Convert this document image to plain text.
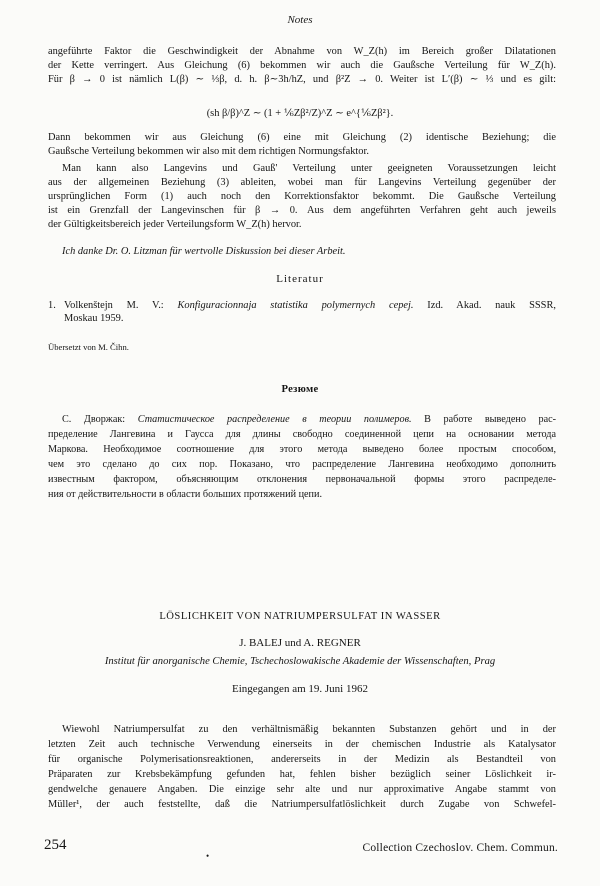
Notes
angeführte Faktor die Geschwindigkeit der Abnahme von W_Z(h) im Bereich großer Dilatationen
der Kette verringert. Aus Gleichung (6) bekommen wir auch die Gaußsche Verteilung für W_Z(h).
Für β → 0 ist nämlich L(β) ∼ ⅓β, d. h. β∼3h/hZ, und β²Z → 0. Weiter ist L′(β) ∼ ⅓ und es gilt:
(sh β/β)^Z ∼ (1 + ⅙Zβ²/Z)^Z ∼ e^{⅙Zβ²}.
Dann bekommen wir aus Gleichung (6) eine mit Gleichung (2) identische Beziehung; die
Gaußsche Verteilung bekommen wir also mit dem richtigen Normungsfaktor.
Man kann also Langevins und Gauß' Verteilung unter geeigneten Voraussetzungen leicht
aus der allgemeinen Beziehung (3) ableiten, wobei man für Langevins Verteilung gegenüber der
ursprünglichen Form (1) auch noch den Korrektionsfaktor bekommt. Die Gaußsche Verteilung
ist ein Grenzfall der Langevinschen für β → 0. Aus dem angeführten Verfahren geht auch jeweils
der Gültigkeitsbereich jeder Verteilungsform W_Z(h) hervor.
Ich danke Dr. O. Litzman für wertvolle Diskussion bei dieser Arbeit.
Literatur
1. Volkenštejn M. V.: Konfiguracionnaja statistika polymernych cepej. Izd. Akad. nauk SSSR,
Moskau 1959.
Übersetzt von M. Čihn.
Резюме
С. Дворжак: Статистическое распределение в теории полимеров. В работе выведено рас-
пределение Лангевина и Гаусса для длины свободно соединенной цепи на основании метода
Маркова. Необходимое соотношение для этого метода выведено более простым способом,
чем это сделано до сих пор. Показано, что распределение Лангевина необходимо дополнить
известным фактором, объясняющим отклонения первоначальной формы этого распределе-
ния от действительности в области больших протяжений цепи.
LÖSLICHKEIT VON NATRIUMPERSULFAT IN WASSER
J. BALEJ und A. REGNER
Institut für anorganische Chemie, Tschechoslowakische Akademie der Wissenschaften, Prag
Eingegangen am 19. Juni 1962
Wiewohl Natriumpersulfat zu den verhältnismäßig bekannten Substanzen gehört und in der
letzten Zeit auch technische Verwendung einerseits in der chemischen Industrie als Katalysator
für organische Polymerisationsreaktionen, andererseits in der Medizin als Bestandteil von
Präparaten zur Krebsbekämpfung gefunden hat, fehlen bisher bezüglich seiner Löslichkeit ir-
gendwelche genauere Angaben. Die einzige sehr alte und nur approximative Angabe stammt von
Müller¹, der auch feststellte, daß die Natriumpersulfatlöslichkeit durch Zugabe von Schwefel-
254
•
Collection Czechoslov. Chem. Commun.
